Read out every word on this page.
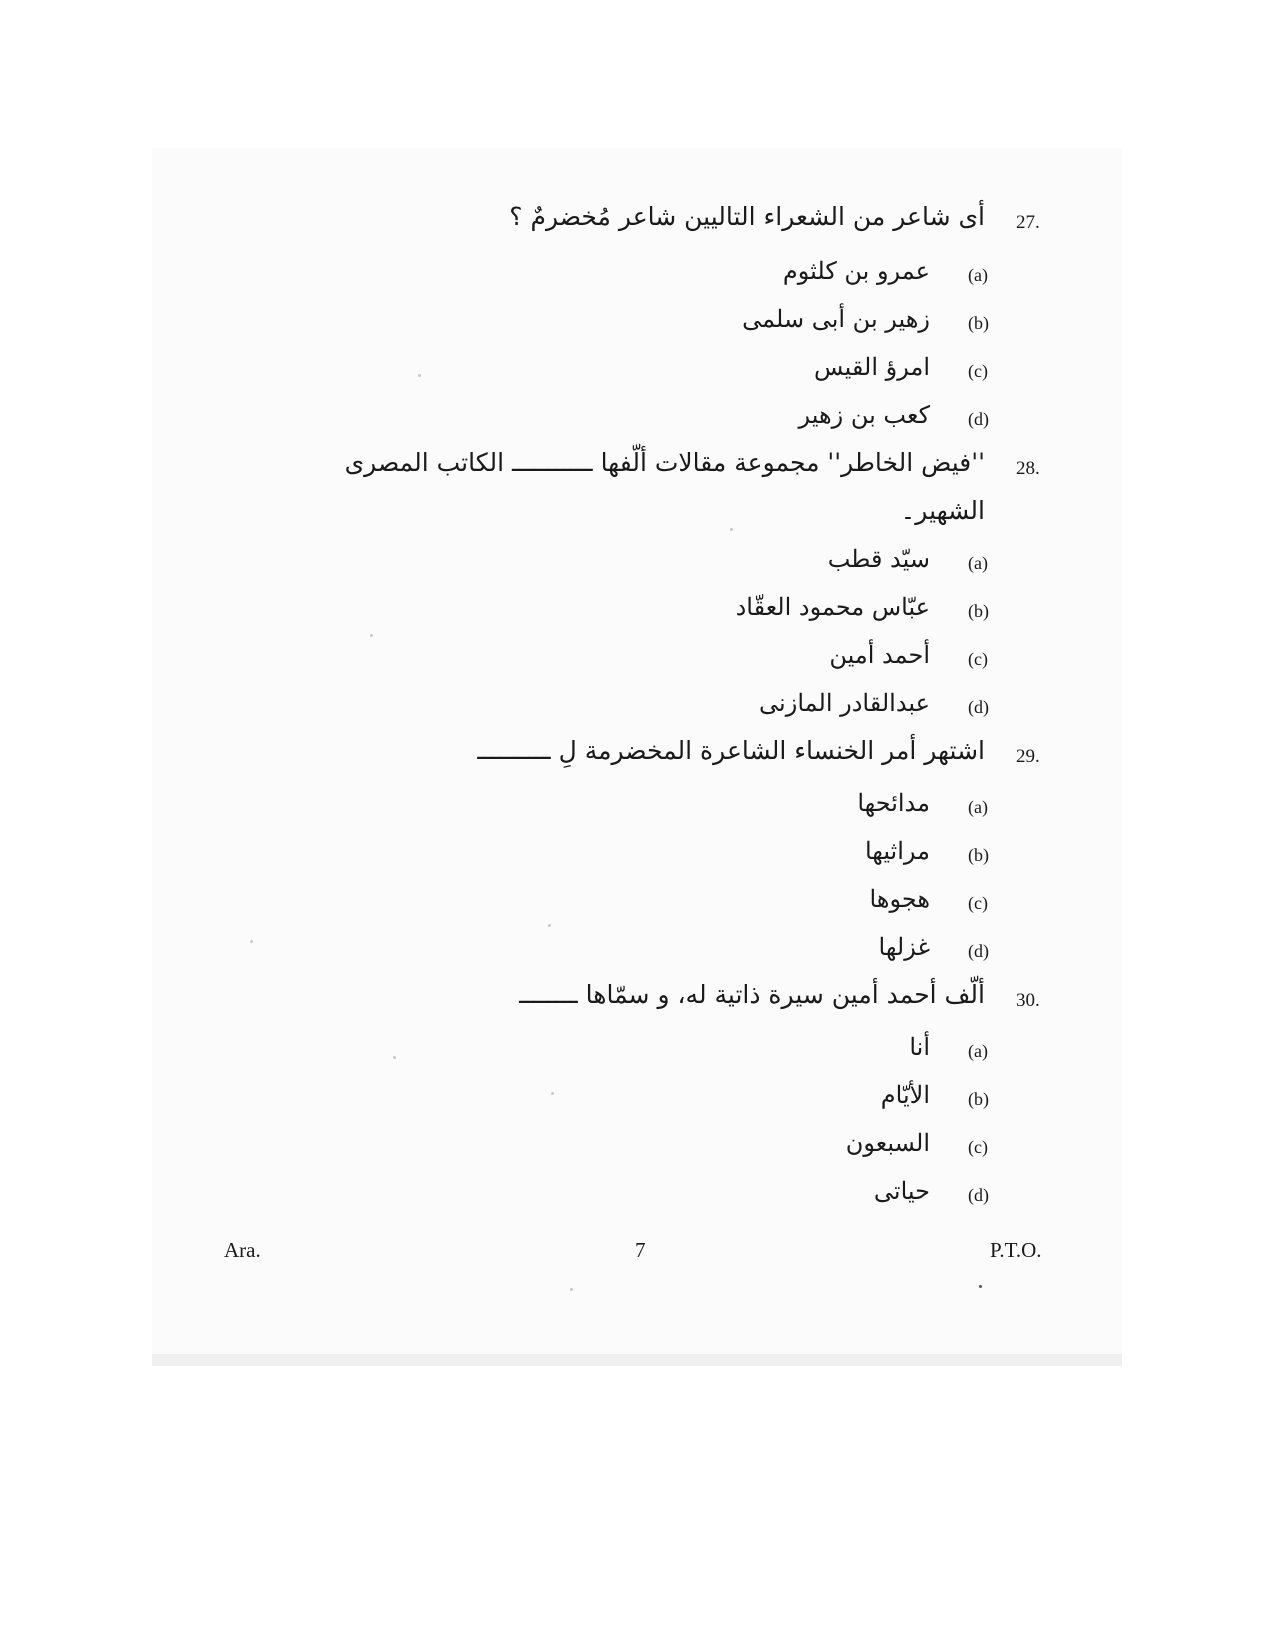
27.
أى شاعر من الشعراء التاليين شاعر مُخضرمٌ ؟
(a)
عمرو بن كلثوم
(b)
زهير بن أبى سلمى
(c)
امرؤ القيس
(d)
كعب بن زهير
28.
''فيض الخاطر'' مجموعة مقالات ألّفها ـــــــــــ الكاتب المصرى
الشهير۔
(a)
سيّد قطب
(b)
عبّاس محمود العقّاد
(c)
أحمد أمين
(d)
عبدالقادر المازنى
29.
اشتهر أمر الخنساء الشاعرة المخضرمة لِ ــــــــــ
(a)
مدائحها
(b)
مراثيها
(c)
هجوها
(d)
غزلها
30.
ألّف أحمد أمين سيرة ذاتية له، و سمّاها ــــــــ
(a)
أنا
(b)
الأيّام
(c)
السبعون
(d)
حياتى
Ara.	7	P.T.O.
